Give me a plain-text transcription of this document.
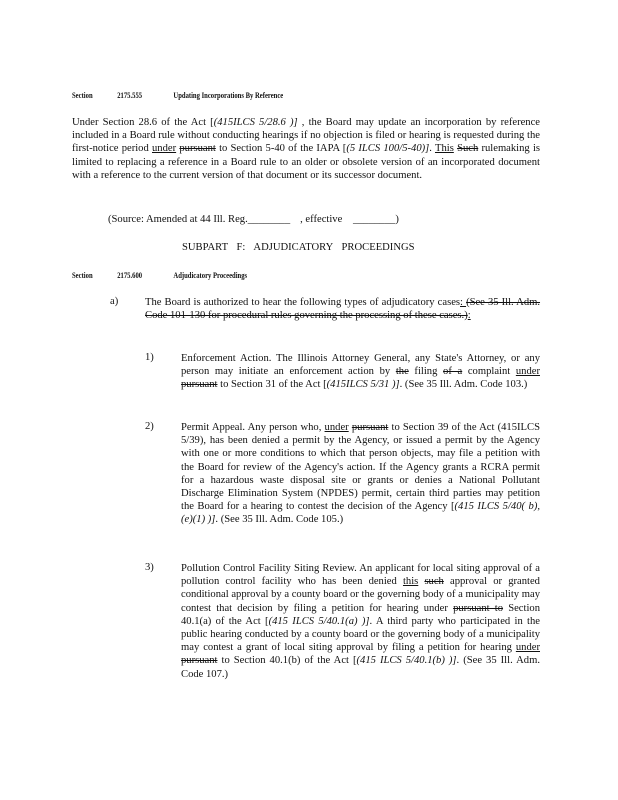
Section	2175.555	Updating Incorporations By Reference

Under Section 28.6 of the Act [(415ILCS 5/28.6 )] , the Board may update an incorporation by reference included in a Board rule without conducting hearings if no objection is filed or hearing is requested during the first-notice period under pursuant to Section 5-40 of the IAPA [(5 ILCS 100/5-40)]. This Such rulemaking is limited to replacing a reference in a Board rule to an older or obsolete version of an incorporated document with a reference to the current version of that document or its successor document.

(Source: Amended at 44 Ill. Reg.________ , effective ________)
SUBPART F: ADJUDICATORY PROCEEDINGS
Section	2175.600	Adjudicatory Proceedings
a)	The Board is authorized to hear the following types of adjudicatory cases: (See 35 Ill. Adm. Code 101-130 for procedural rules governing the processing of these cases.):

1)	Enforcement Action. The Illinois Attorney General, any State's Attorney, or any person may initiate an enforcement action by the filing of a complaint under pursuant to Section 31 of the Act [(415ILCS 5/31 )]. (See 35 Ill. Adm. Code 103.)

2)	Permit Appeal. Any person who, under pursuant to Section 39 of the Act (415ILCS 5/39), has been denied a permit by the Agency, or issued a permit by the Agency with one or more conditions to which that person objects, may file a petition with the Board for review of the Agency's action. If the Agency grants a RCRA permit for a hazardous waste disposal site or grants or denies a National Pollutant Discharge Elimination System (NPDES) permit, certain third parties may petition the Board for a hearing to contest the decision of the Agency [(415 ILCS 5/40( b), (e)(1) )]. (See 35 Ill. Adm. Code 105.)

3)	Pollution Control Facility Siting Review. An applicant for local siting approval of a pollution control facility who has been denied this such approval or granted conditional approval by a county board or the governing body of a municipality may contest that decision by filing a petition for hearing under pursuant to Section 40.1(a) of the Act [(415 ILCS 5/40.1(a) )]. A third party who participated in the public hearing conducted by a county board or the governing body of a municipality may contest a grant of local siting approval by filing a petition for hearing under pursuant to Section 40.1(b) of the Act [(415 ILCS 5/40.1(b) )]. (See 35 Ill. Adm. Code 107.)
